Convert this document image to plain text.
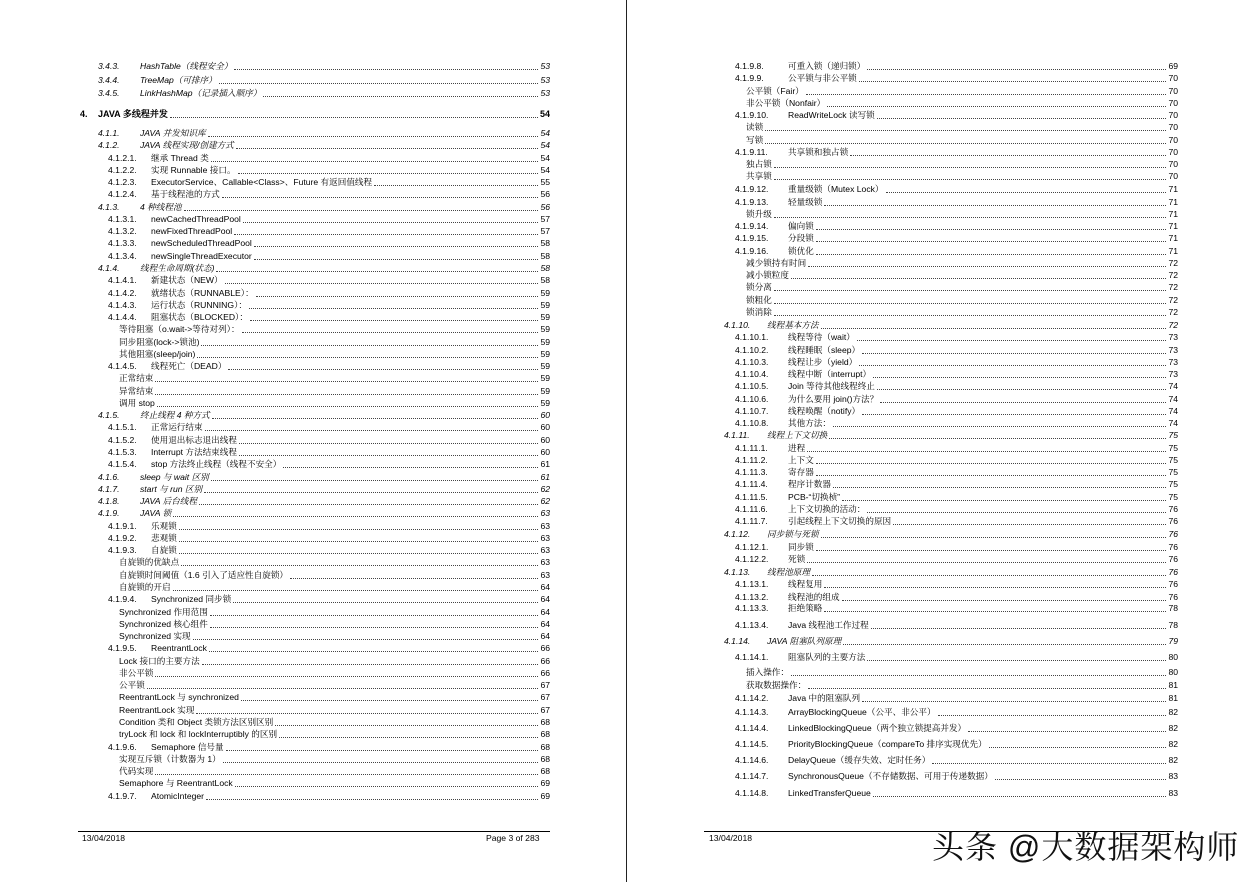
3.4.3. HashTable（线程安全）	53
3.4.4. TreeMap（可排序）	53
3.4.5. LinkHashMap（记录插入顺序）	53
4. JAVA 多线程并发	54
4.1.1. JAVA 并发知识库	54
4.1.2. JAVA 线程实现/创建方式	54
4.1.2.1. 继承 Thread 类	54
4.1.2.2. 实现 Runnable 接口。	54
4.1.2.3. ExecutorService、Callable<Class>、Future 有返回值线程	55
4.1.2.4. 基于线程池的方式	56
4.1.3. 4 种线程池	56
4.1.3.1. newCachedThreadPool	57
4.1.3.2. newFixedThreadPool	57
4.1.3.3. newScheduledThreadPool	58
4.1.3.4. newSingleThreadExecutor	58
4.1.4. 线程生命周期(状态)	58
4.1.4.1. 新建状态（NEW）	58
4.1.4.2. 就绪状态（RUNNABLE）：	59
4.1.4.3. 运行状态（RUNNING）：	59
4.1.4.4. 阻塞状态（BLOCKED）：	59
等待阻塞（o.wait->等待对列）：	59
同步阻塞(lock->锁池)	59
其他阻塞(sleep/join)	59
4.1.4.5. 线程死亡（DEAD）	59
正常结束	59
异常结束	59
调用 stop	59
4.1.5. 终止线程 4 种方式	60
4.1.5.1. 正常运行结束	60
4.1.5.2. 使用退出标志退出线程	60
4.1.5.3. Interrupt 方法结束线程	60
4.1.5.4. stop 方法终止线程（线程不安全）	61
4.1.6. sleep 与 wait 区别	61
4.1.7. start 与 run 区别	62
4.1.8. JAVA 后台线程	62
4.1.9. JAVA 锁	63
4.1.9.1. 乐观锁	63
4.1.9.2. 悲观锁	63
4.1.9.3. 自旋锁	63
自旋锁的优缺点	63
自旋锁时间阈值（1.6 引入了适应性自旋锁）	63
自旋锁的开启	64
4.1.9.4. Synchronized 同步锁	64
Synchronized 作用范围	64
Synchronized 核心组件	64
Synchronized 实现	64
4.1.9.5. ReentrantLock	66
Lock 接口的主要方法	66
非公平锁	66
公平锁	67
ReentrantLock 与 synchronized	67
ReentrantLock 实现	67
Condition 类和 Object 类锁方法区别区别	68
tryLock 和 lock 和 lockInterruptibly 的区别	68
4.1.9.6. Semaphore 信号量	68
实现互斥锁（计数器为 1）	68
代码实现	68
Semaphore 与 ReentrantLock	69
4.1.9.7. AtomicInteger	69
13/04/2018	Page 3 of 283
4.1.9.8.	可重入锁（递归锁）	69
4.1.9.9.	公平锁与非公平锁	70
公平锁（Fair）	70
非公平锁（Nonfair）	70
4.1.9.10. ReadWriteLock 读写锁	70
读锁	70
写锁	70
4.1.9.11. 共享锁和独占锁	70
独占锁	70
共享锁	70
4.1.9.12. 重量级锁（Mutex Lock）	71
4.1.9.13. 轻量级锁	71
锁升级	71
4.1.9.14. 偏向锁	71
4.1.9.15. 分段锁	71
4.1.9.16. 锁优化	71
减少锁持有时间	72
减小锁粒度	72
锁分离	72
锁粗化	72
锁消除	72
4.1.10. 线程基本方法	72
4.1.10.1. 线程等待（wait）	73
4.1.10.2. 线程睡眠（sleep）	73
4.1.10.3. 线程让步（yield）	73
4.1.10.4. 线程中断（interrupt）	73
4.1.10.5. Join 等待其他线程终止	74
4.1.10.6. 为什么要用 join()方法？	74
4.1.10.7. 线程唤醒（notify）	74
4.1.10.8. 其他方法：	74
4.1.11. 线程上下文切换	75
4.1.11.1. 进程	75
4.1.11.2. 上下文	75
4.1.11.3. 寄存器	75
4.1.11.4. 程序计数器	75
4.1.11.5. PCB-“切换桢”	75
4.1.11.6. 上下文切换的活动：	76
4.1.11.7. 引起线程上下文切换的原因	76
4.1.12. 同步锁与死锁	76
4.1.12.1. 同步锁	76
4.1.12.2. 死锁	76
4.1.13. 线程池原理	76
4.1.13.1. 线程复用	76
4.1.13.2. 线程池的组成	76
4.1.13.3. 拒绝策略	78
4.1.13.4. Java 线程池工作过程	78
4.1.14. JAVA 阻塞队列原理	79
4.1.14.1. 阻塞队列的主要方法	80
插入操作：	80
获取数据操作：	81
4.1.14.2. Java 中的阻塞队列	81
4.1.14.3. ArrayBlockingQueue（公平、非公平）	82
4.1.14.4. LinkedBlockingQueue（两个独立锁提高并发）	82
4.1.14.5. PriorityBlockingQueue（compareTo 排序实现优先）	82
4.1.14.6. DelayQueue（缓存失效、定时任务）	82
4.1.14.7. SynchronousQueue（不存储数据、可用于传递数据）	83
4.1.14.8. LinkedTransferQueue	83
13/04/2018	头条 @大数据架构师
